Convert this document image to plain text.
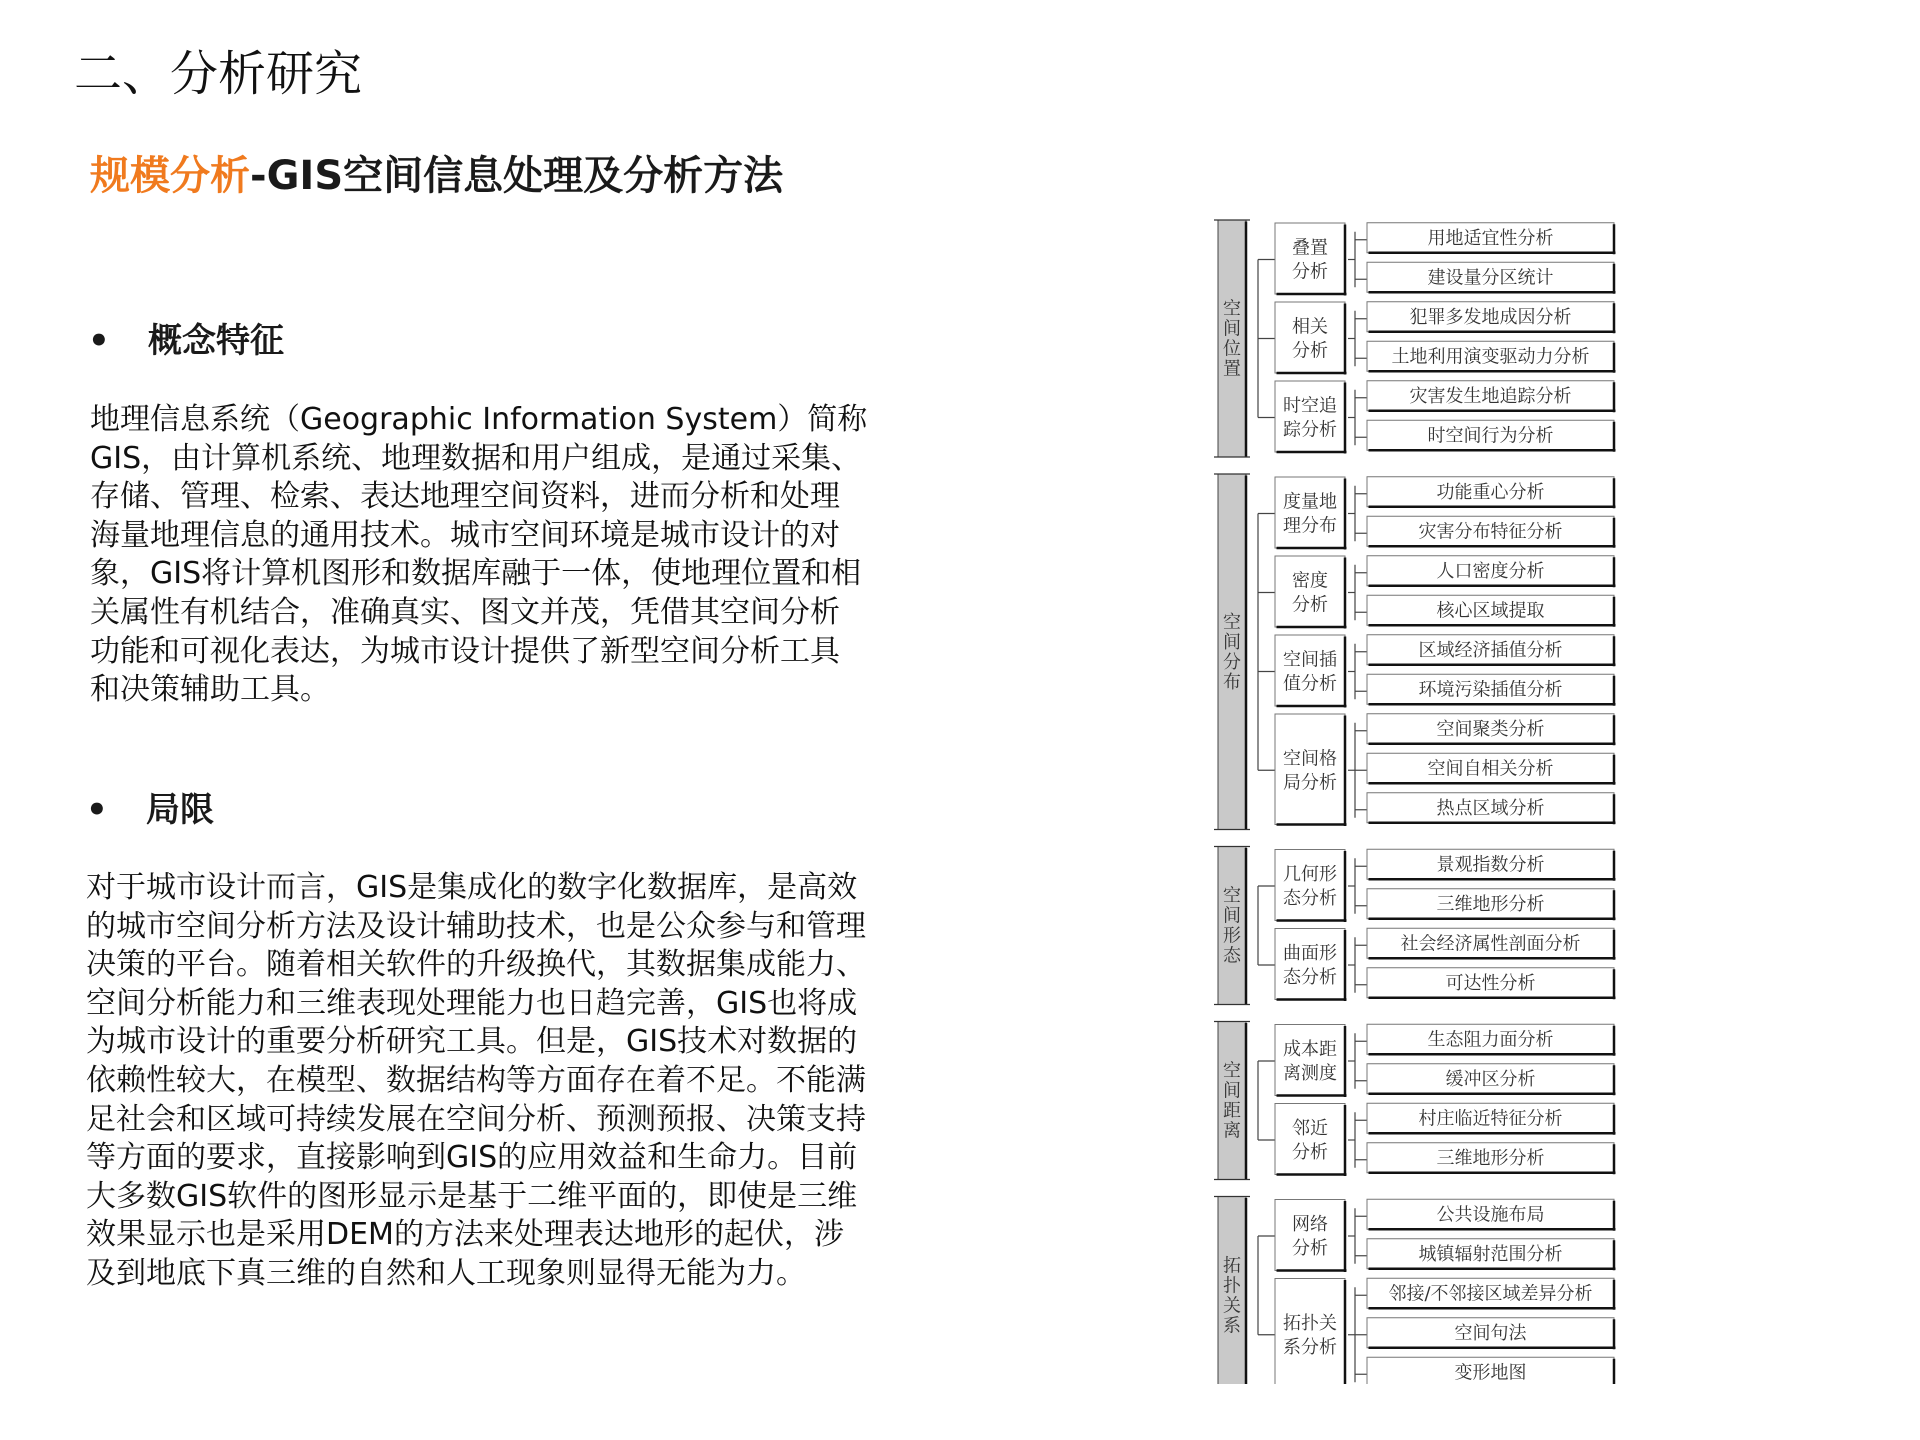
二、分析研究
规模分析-GIS空间信息处理及分析方法
• 概念特征
地理信息系统（Geographic Information System）简称
GIS，由计算机系统、地理数据和用户组成，是通过采集、
存储、管理、检索、表达地理空间资料，进而分析和处理
海量地理信息的通用技术。城市空间环境是城市设计的对
象，GIS将计算机图形和数据库融于一体，使地理位置和相
关属性有机结合，准确真实、图文并茂，凭借其空间分析
功能和可视化表达，为城市设计提供了新型空间分析工具
和决策辅助工具。
• 局限
对于城市设计而言，GIS是集成化的数字化数据库，是高效
的城市空间分析方法及设计辅助技术，也是公众参与和管理
决策的平台。随着相关软件的升级换代，其数据集成能力、
空间分析能力和三维表现处理能力也日趋完善，GIS也将成
为城市设计的重要分析研究工具。但是，GIS技术对数据的
依赖性较大，在模型、数据结构等方面存在着不足。不能满
足社会和区域可持续发展在空间分析、预测预报、决策支持
等方面的要求，直接影响到GIS的应用效益和生命力。目前
大多数GIS软件的图形显示是基于二维平面的，即使是三维
效果显示也是采用DEM的方法来处理表达地形的起伏，涉
及到地底下真三维的自然和人工现象则显得无能为力。
空间位置
叠置分析
用地适宜性分析
建设量分区统计
相关分析
犯罪多发地成因分析
土地利用演变驱动力分析
时空追踪分析
灾害发生地追踪分析
时空间行为分析
空间分布
度量地理分布
功能重心分析
灾害分布特征分析
密度分析
人口密度分析
核心区域提取
空间插值分析
区域经济插值分析
环境污染插值分析
空间格局分析
空间聚类分析
空间自相关分析
热点区域分析
空间形态
几何形态分析
景观指数分析
三维地形分析
曲面形态分析
社会经济属性剖面分析
可达性分析
空间距离
成本距离测度
生态阻力面分析
缓冲区分析
邻近分析
村庄临近特征分析
三维地形分析
拓扑关系
网络分析
公共设施布局
城镇辐射范围分析
拓扑关系分析
邻接/不邻接区域差异分析
空间句法
变形地图
